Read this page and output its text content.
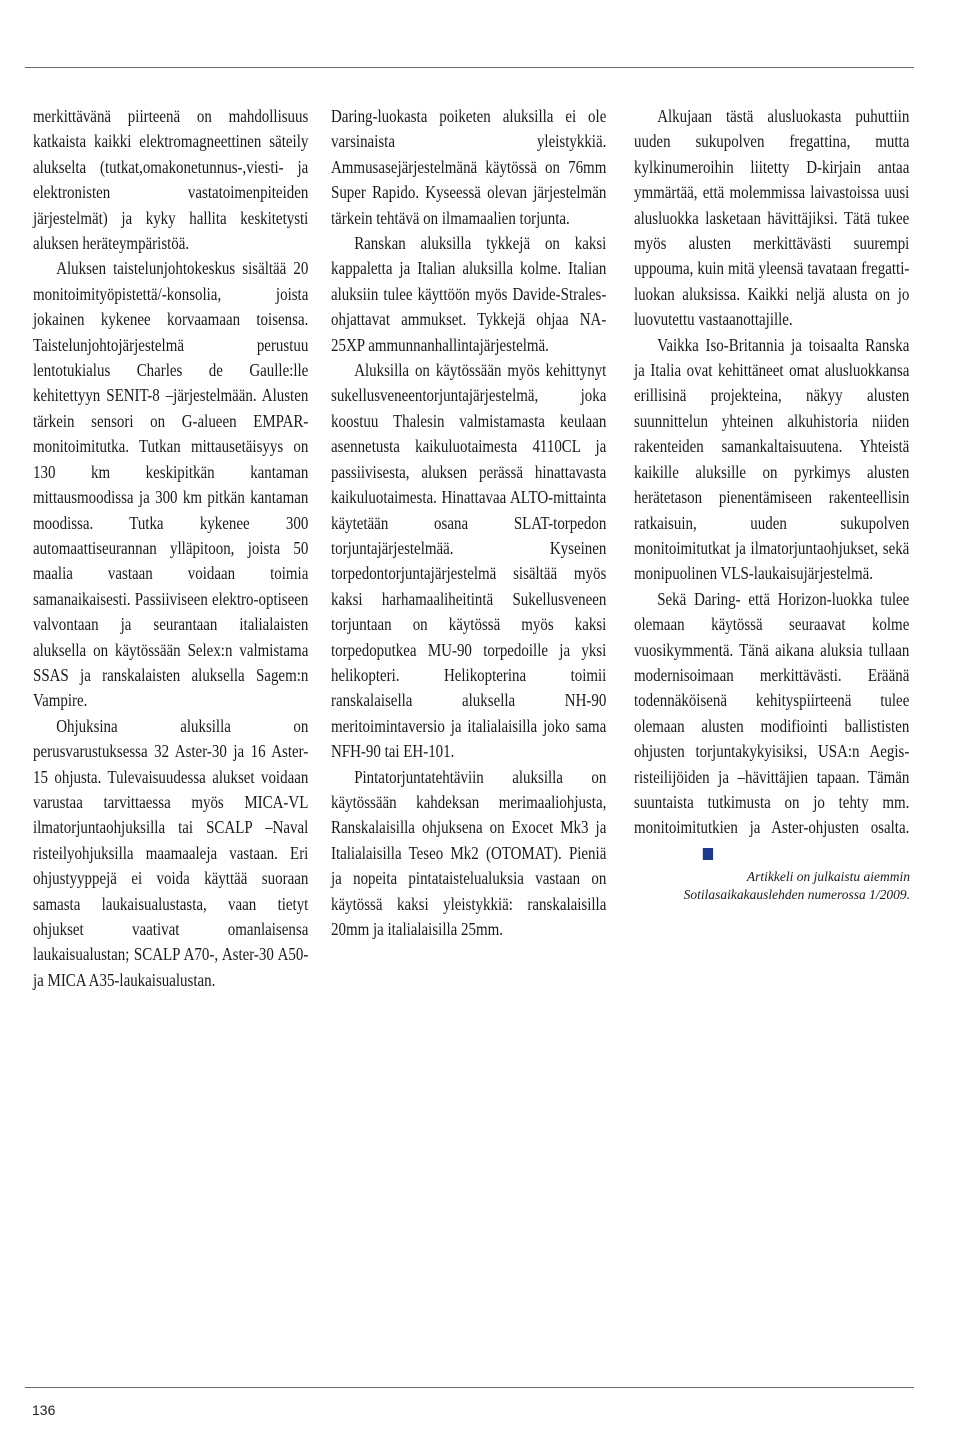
merkittävänä piirteenä on mahdollisuus katkaista kaikki elektromagneettinen säteily alukselta (tutkat,omakonetunnus-,viesti- ja elektronisten vastatoimenpiteiden järjestelmät) ja kyky hallita keskitetysti aluksen heräteympäristöä.

Aluksen taistelunjohtokeskus sisältää 20 monitoimityöpistettä/-konsolia, joista jokainen kykenee korvaamaan toisensa. Taistelunjohtojärjestelmä perustuu lentotukialus Charles de Gaulle:lle kehitettyyn SENIT-8 –järjestelmään. Alusten tärkein sensori on G-alueen EMPAR-monitoimitutka. Tutkan mittausetäisyys on 130 km keskipitkän kantaman mittausmoodissa ja 300 km pitkän kantaman moodissa. Tutka kykenee 300 automaattiseurannan ylläpitoon, joista 50 maalia vastaan voidaan toimia samanaikaisesti. Passiiviseen elektro-optiseen valvontaan ja seurantaan italialaisten aluksella on käytössään Selex:n valmistama SSAS ja ranskalaisten aluksella Sagem:n Vampire.

Ohjuksina aluksilla on perusvarustuksessa 32 Aster-30 ja 16 Aster-15 ohjusta. Tulevaisuudessa alukset voidaan varustaa tarvittaessa myös MICA-VL ilmatorjuntaohjuksilla tai SCALP –Naval risteilyohjuksilla maamaaleja vastaan. Eri ohjustyyppejä ei voida käyttää suoraan samasta laukaisualustasta, vaan tietyt ohjukset vaativat omanlaisensa laukaisualustan; SCALP A70-, Aster-30 A50- ja MICA A35-laukaisualustan.

Daring-luokasta poiketen aluksilla ei ole varsinaista yleistykkiä. Ammusasejärjestelmänä käytössä on 76mm Super Rapido. Kyseessä olevan järjestelmän tärkein tehtävä on ilmamaalien torjunta.

Ranskan aluksilla tykkejä on kaksi kappaletta ja Italian aluksilla kolme. Italian aluksiin tulee käyttöön myös Davide-Strales- ohjattavat ammukset. Tykkejä ohjaa NA-25XP ammunnanhallintajärjestelmä.

Aluksilla on käytössään myös kehittynyt sukellusveneentorjuntajärjestelmä, joka koostuu Thalesin valmistamasta keulaan asennetusta kaikuluotaimesta 4110CL ja passiivisesta, aluksen perässä hinattavasta kaikuluotaimesta. Hinattavaa ALTO-mittainta käytetään osana SLAT-torpedon torjuntajärjestelmää. Kyseinen torpedontorjuntajärjestelmä sisältää myös kaksi harhamaaliheitintä Sukellusveneen torjuntaan on käytössä myös kaksi torpedoputkea MU-90 torpedoille ja yksi helikopteri. Helikopterina toimii ranskalaisella aluksella NH-90 meritoimintaversio ja italialaisilla joko sama NFH-90 tai EH-101.

Pintatorjuntatehtäviin aluksilla on käytössään kahdeksan merimaaliohjusta, Ranskalaisilla ohjuksena on Exocet Mk3 ja Italialaisilla Teseo Mk2 (OTOMAT). Pieniä ja nopeita pintataistelualuksia vastaan on käytössä kaksi yleistykkiä: ranskalaisilla 20mm ja italialaisilla 25mm.

Alkujaan tästä alusluokasta puhuttiin uuden sukupolven fregattina, mutta kylkinumeroihin liitetty D-kirjain antaa ymmärtää, että molemmissa laivastoissa uusi alusluokka lasketaan hävittäjiksi. Tätä tukee myös alusten merkittävästi suurempi uppouma, kuin mitä yleensä tavataan fregatti-luokan aluksissa. Kaikki neljä alusta on jo luovutettu vastaanottajille.

Vaikka Iso-Britannia ja toisaalta Ranska ja Italia ovat kehittäneet omat alusluokkansa erillisinä projekteina, näkyy alusten suunnittelun yhteinen alkuhistoria niiden rakenteiden samankaltaisuutena. Yhteistä kaikille aluksille on pyrkimys alusten herätetason pienentämiseen rakenteellisin ratkaisuin, uuden sukupolven monitoimitutkat ja ilmatorjuntaohjukset, sekä monipuolinen VLS-laukaisujärjestelmä.

Sekä Daring- että Horizon-luokka tulee olemaan käytössä seuraavat kolme vuosikymmentä. Tänä aikana aluksia tullaan modernisoimaan merkittävästi. Eräänä todennäköisenä kehityspiirteenä tulee olemaan alusten modifiointi ballististen ohjusten torjuntakykyisiksi, USA:n Aegis-risteilijöiden ja –hävittäjien tapaan. Tämän suuntaista tutkimusta on jo tehty mm. monitoimitutkien ja Aster-ohjusten osalta.

Artikkeli on julkaistu aiemmin
Sotilasaikakauslehden numerossa 1/2009.
136
